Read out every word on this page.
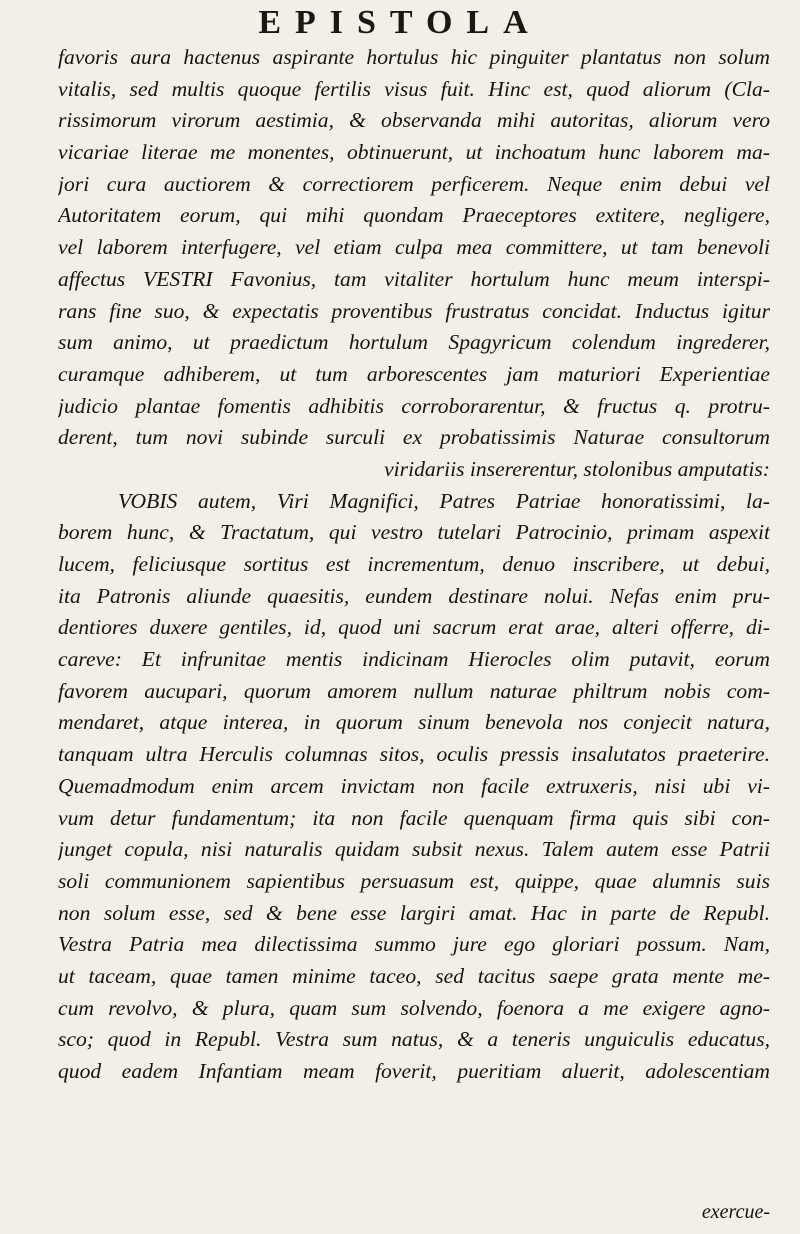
EPISTOLA
favoris aura hactenus aspirante hortulus hic pinguiter plantatus non solum
vitalis, sed multis quoque fertilis visus fuit. Hinc est, quod aliorum (Cla-
rissimorum virorum aestimia, & observanda mihi autoritas, aliorum vero
vicariae literae me monentes, obtinuerunt, ut inchoatum hunc laborem ma-
jori cura auctiorem & correctiorem perficerem. Neque enim debui vel
Autoritatem eorum, qui mihi quondam Praeceptores extitere, negligere,
vel laborem interfugere, vel etiam culpa mea committere, ut tam benevoli
affectus VESTRI Favonius, tam vitaliter hortulum hunc meum interspi-
rans fine suo, & expectatis proventibus frustratus concidat. Inductus igitur
sum animo, ut praedictum hortulum Spagyricum colendum ingrederer,
curamque adhiberem, ut tum arborescentes jam maturiori Experientiae
judicio plantae fomentis adhibitis corroborarentur, & fructus q. protru-
derent, tum novi subinde surculi ex probatissimis Naturae consultorum
viridariis insererentur, stolonibus amputatis:
VOBIS autem, Viri Magnifici, Patres Patriae honoratissimi, la-
borem hunc, & Tractatum, qui vestro tutelari Patrocinio, primam aspexit
lucem, feliciusque sortitus est incrementum, denuo inscribere, ut debui,
ita Patronis aliunde quaesitis, eundem destinare nolui. Nefas enim pru-
dentiores duxere gentiles, id, quod uni sacrum erat arae, alteri offerre, di-
careve: Et infrunitae mentis indicinam Hierocles olim putavit, eorum
favorem aucupari, quorum amorem nullum naturae philtrum nobis com-
mendaret, atque interea, in quorum sinum benevola nos conjecit natura,
tanquam ultra Herculis columnas sitos, oculis pressis insalutatos praeterire.
Quemadmodum enim arcem invictam non facile extruxeris, nisi ubi vi-
vum detur fundamentum; ita non facile quenquam firma quis sibi con-
junget copula, nisi naturalis quidam subsit nexus. Talem autem esse Patrii
soli communionem sapientibus persuasum est, quippe, quae alumnis suis
non solum esse, sed & bene esse largiri amat. Hac in parte de Republ.
Vestra Patria mea dilectissima summo jure ego gloriari possum. Nam,
ut taceam, quae tamen minime taceo, sed tacitus saepe grata mente me-
cum revolvo, & plura, quam sum solvendo, foenora a me exigere agno-
sco; quod in Republ. Vestra sum natus, & a teneris unguiculis educatus,
quod eadem Infantiam meam foverit, pueritiam aluerit, adolescentiam
exercue-
